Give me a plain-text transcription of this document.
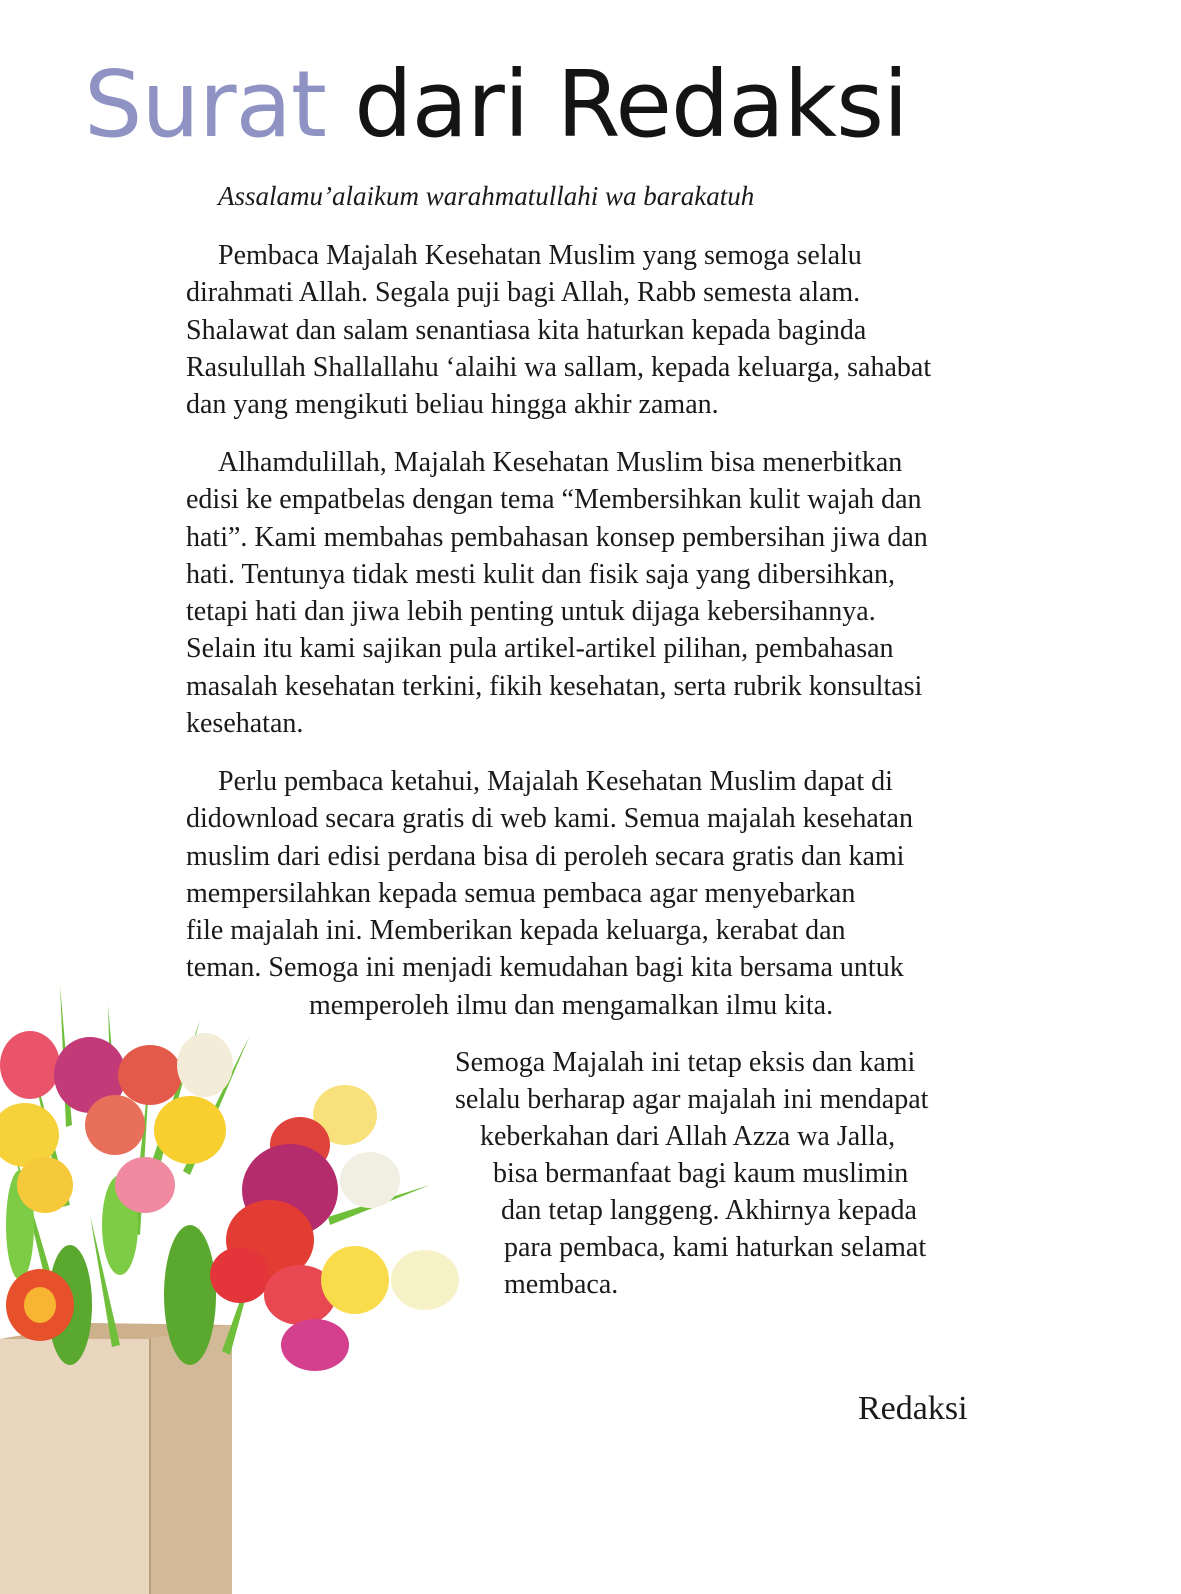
Surat dari Redaksi
Assalamu’alaikum warahmatullahi wa barakatuh
Pembaca Majalah Kesehatan Muslim yang semoga selalu
dirahmati Allah. Segala puji bagi Allah, Rabb semesta alam.
Shalawat dan salam senantiasa kita haturkan kepada baginda
Rasulullah Shallallahu ‘alaihi wa sallam, kepada keluarga, sahabat
dan yang mengikuti beliau hingga akhir zaman.
Alhamdulillah, Majalah Kesehatan Muslim bisa menerbitkan
edisi ke empatbelas dengan tema “Membersihkan kulit wajah dan
hati”. Kami membahas pembahasan konsep pembersihan jiwa dan
hati. Tentunya tidak mesti kulit dan fisik saja yang dibersihkan,
tetapi hati dan jiwa lebih penting untuk dijaga kebersihannya.
Selain itu kami sajikan pula artikel-artikel pilihan, pembahasan
masalah kesehatan terkini, fikih kesehatan, serta rubrik konsultasi
kesehatan.
Perlu pembaca ketahui, Majalah Kesehatan Muslim dapat di
didownload secara gratis di web kami. Semua majalah kesehatan
muslim dari edisi perdana bisa di peroleh secara gratis dan kami
mempersilahkan kepada semua pembaca agar menyebarkan
file majalah ini. Memberikan kepada keluarga, kerabat dan
teman. Semoga ini menjadi kemudahan bagi kita bersama untuk
memperoleh ilmu dan mengamalkan ilmu kita.
Semoga Majalah ini tetap eksis dan kami
selalu berharap agar majalah ini mendapat
keberkahan dari Allah Azza wa Jalla,
bisa bermanfaat bagi kaum muslimin
dan tetap langgeng. Akhirnya kepada
para pembaca, kami haturkan selamat
membaca.
Redaksi
